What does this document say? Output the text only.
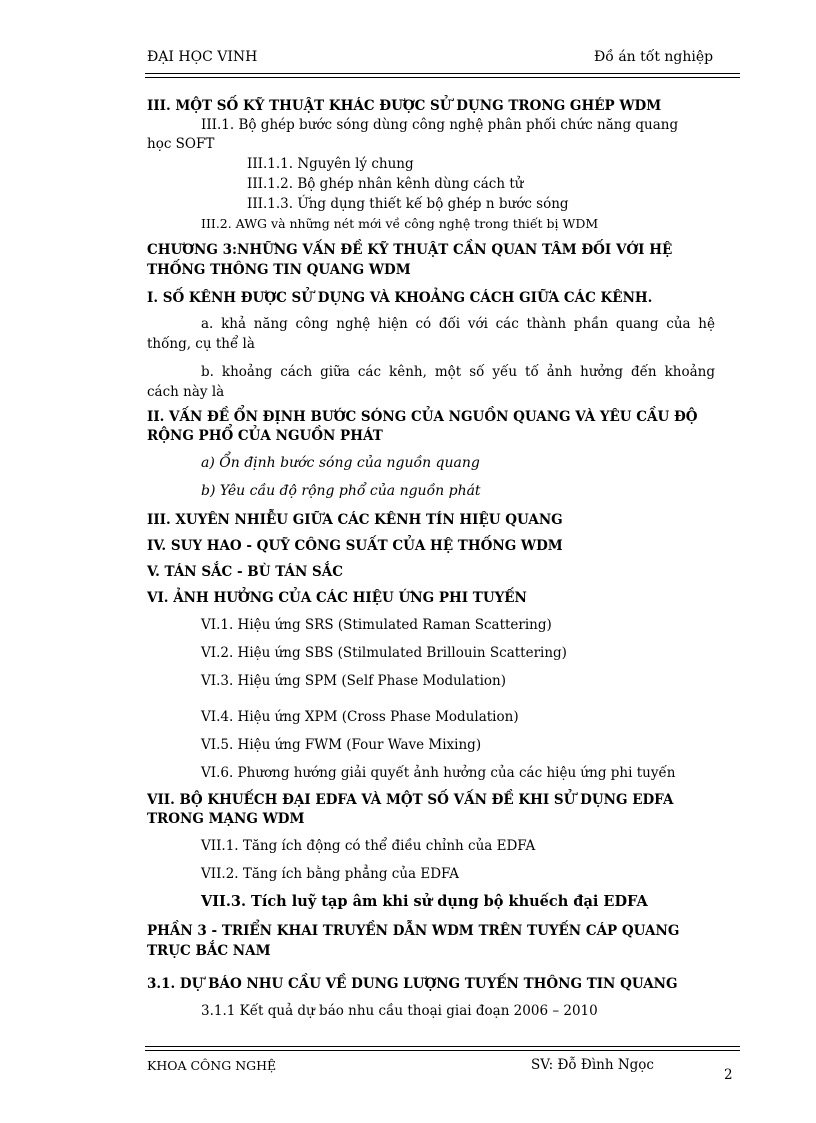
ĐẠI HỌC VINH	Đồ án tốt nghiệp
III. MỘT SỐ KỸ THUẬT KHÁC ĐƯỢC SỬ DỤNG TRONG GHÉP WDM
III.1. Bộ ghép bước sóng dùng công nghệ phân phối chức năng quang
học SOFT
III.1.1. Nguyên lý chung
III.1.2. Bộ ghép nhân kênh dùng cách tử
III.1.3. Ứng dụng thiết kế bộ ghép n bước sóng
III.2. AWG và những nét mới về công nghệ trong thiết bị WDM
CHƯƠNG 3:NHỮNG VẤN ĐỀ KỸ THUẬT CẦN QUAN TÂM ĐỐI VỚI HỆ
THỐNG THÔNG TIN QUANG WDM
I. SỐ KÊNH ĐƯỢC SỬ DỤNG VÀ KHOẢNG CÁCH GIỮA CÁC KÊNH.
a. khả năng công nghệ hiện có đối với các thành phần quang của hệ
thống, cụ thể là
b. khoảng cách giữa các kênh, một số yếu tố ảnh hưởng đến khoảng
cách này là
II. VẤN ĐỀ ỔN ĐỊNH BƯỚC SÓNG CỦA NGUỒN QUANG VÀ YÊU CẦU ĐỘ
RỘNG PHỔ CỦA NGUỒN PHÁT
a) Ổn định bước sóng của nguồn quang
b) Yêu cầu độ rộng phổ của nguồn phát
III. XUYÊN NHIỄU GIỮA CÁC KÊNH TÍN HIỆU QUANG
IV. SUY HAO - QUỸ CÔNG SUẤT CỦA HỆ THỐNG WDM
V. TÁN SẮC - BÙ TÁN SẮC
VI. ẢNH HƯỞNG CỦA CÁC HIỆU ỨNG PHI TUYẾN
VI.1. Hiệu ứng SRS (Stimulated Raman Scattering)
VI.2. Hiệu ứng SBS (Stilmulated Brillouin Scattering)
VI.3. Hiệu ứng SPM (Self Phase Modulation)
VI.4. Hiệu ứng XPM (Cross Phase Modulation)
VI.5. Hiệu ứng FWM (Four Wave Mixing)
VI.6. Phương hướng giải quyết ảnh hưởng của các hiệu ứng phi tuyến
VII. BỘ KHUẾCH ĐẠI EDFA VÀ MỘT SỐ VẤN ĐỀ KHI SỬ DỤNG EDFA
TRONG MẠNG WDM
VII.1. Tăng ích động có thể điều chỉnh của EDFA
VII.2. Tăng ích bằng phẳng của EDFA
VII.3. Tích luỹ tạp âm khi sử dụng bộ khuếch đại EDFA
PHẦN 3 - TRIỂN KHAI TRUYỀN DẪN WDM TRÊN TUYẾN CÁP QUANG
TRỤC BẮC NAM
3.1. DỰ BÁO NHU CẦU VỀ DUNG LƯỢNG TUYẾN THÔNG TIN QUANG
3.1.1 Kết quả dự báo nhu cầu thoại giai đoạn 2006 – 2010
KHOA CÔNG NGHỆ	SV: Đỗ Đình Ngọc
2
